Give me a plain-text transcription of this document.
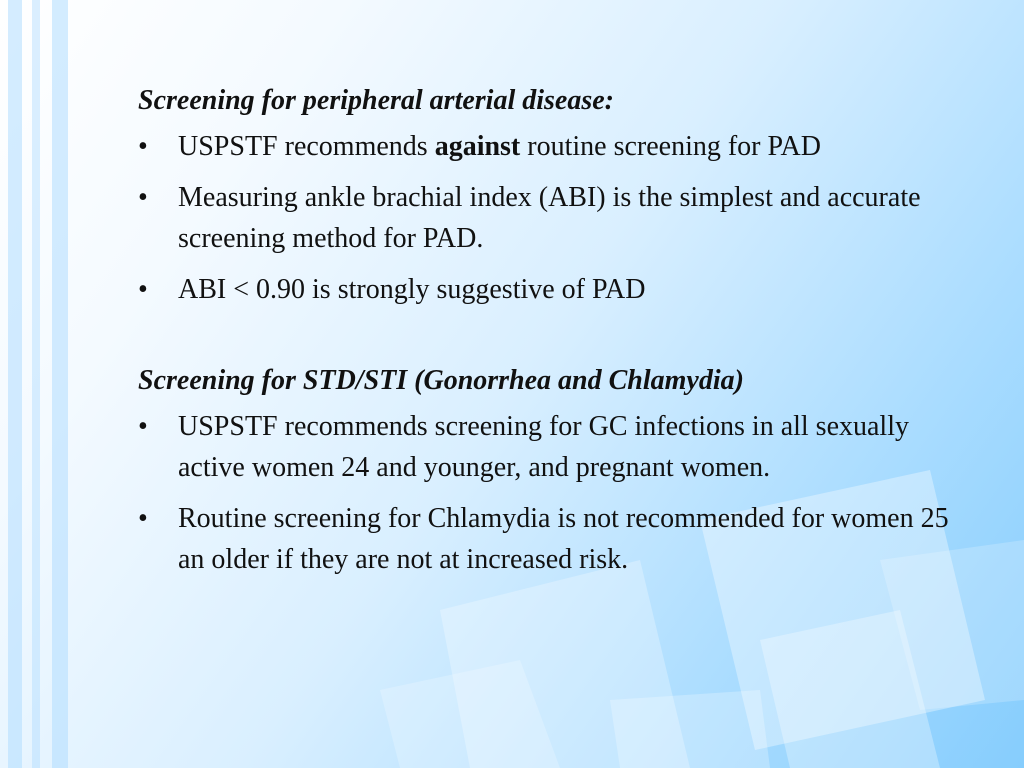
Screening for peripheral arterial disease:

• USPSTF recommends against routine screening for PAD
• Measuring ankle brachial index (ABI) is the simplest and accurate screening method for PAD.
• ABI < 0.90 is strongly suggestive of PAD

Screening for STD/STI (Gonorrhea and Chlamydia)

• USPSTF recommends screening for GC infections in all sexually active women 24 and younger, and pregnant women.
• Routine screening for Chlamydia is not recommended for women 25 an older if they are not at increased risk.
